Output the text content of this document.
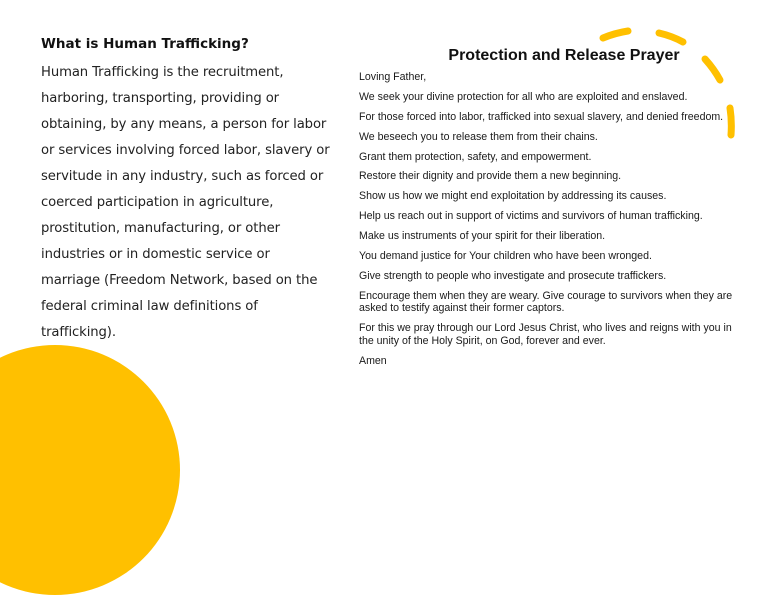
What is Human Trafficking?

Human Trafficking is the recruitment, harboring, transporting, providing or obtaining, by any means, a person for labor or services involving forced labor, slavery or servitude in any industry, such as forced or coerced participation in agriculture, prostitution, manufacturing, or other industries or in domestic service or marriage (Freedom Network, based on the federal criminal law definitions of trafficking).

Protection and Release Prayer
Loving Father,
We seek your divine protection for all who are exploited and enslaved.
For those forced into labor, trafficked into sexual slavery, and denied freedom.
We beseech you to release them from their chains.
Grant them protection, safety, and empowerment.
Restore their dignity and provide them a new beginning.
Show us how we might end exploitation by addressing its causes.
Help us reach out in support of victims and survivors of human trafficking.
Make us instruments of your spirit for their liberation.
You demand justice for Your children who have been wronged.
Give strength to people who investigate and prosecute traffickers.
Encourage them when they are weary. Give courage to survivors when they are asked to testify against their former captors.
For this we pray through our Lord Jesus Christ, who lives and reigns with you in the unity of the Holy Spirit, on God, forever and ever.
Amen
